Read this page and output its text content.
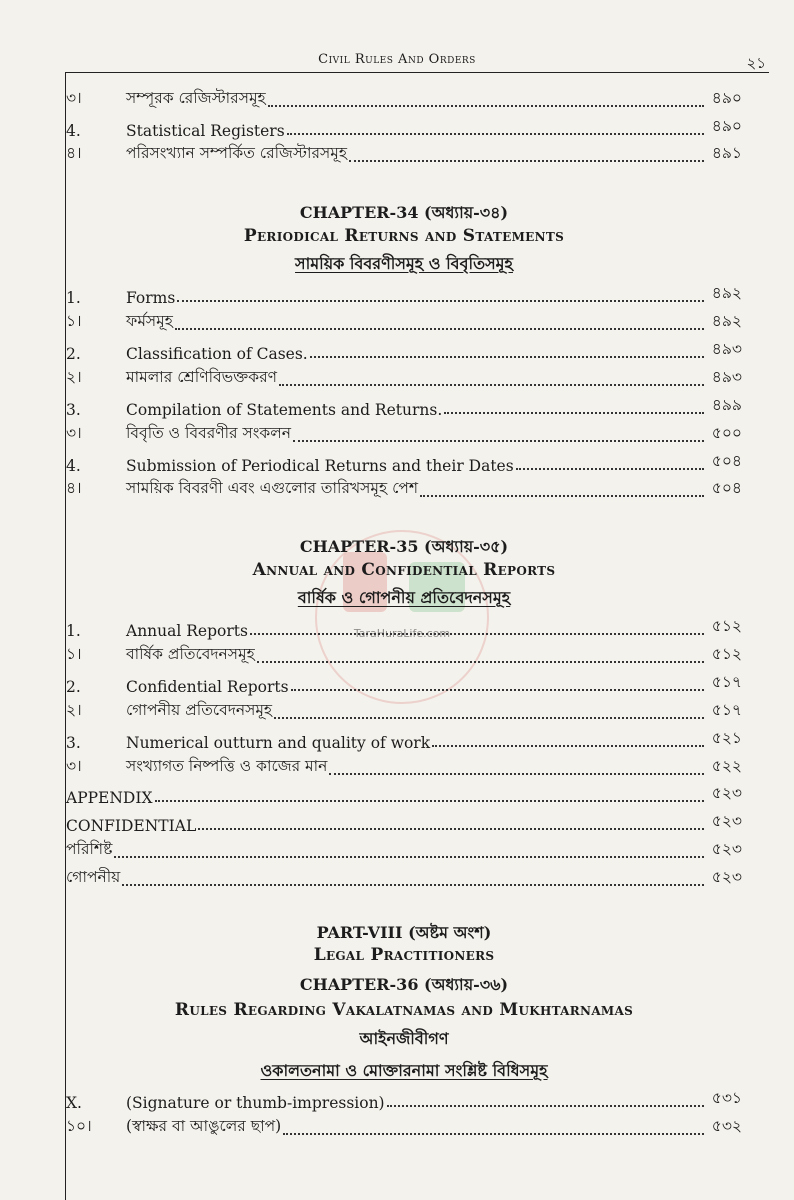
Civil Rules And Orders	২১
৩।	সম্পূরক রেজিস্টারসমূহ	৪৯০
4.	Statistical Registers	৪৯০
৪।	পরিসংখ্যান সম্পর্কিত রেজিস্টারসমূহ	৪৯১
CHAPTER-34 (অধ্যায়-৩৪)
Periodical Returns and Statements
সাময়িক বিবরণীসমূহ ও বিবৃতিসমূহ
1.	Forms	৪৯২
১।	ফর্মসমূহ	৪৯২
2.	Classification of Cases.	৪৯৩
২।	মামলার শ্রেণিবিভক্তকরণ	৪৯৩
3.	Compilation of Statements and Returns.	৪৯৯
৩।	বিবৃতি ও বিবরণীর সংকলন	৫০০
4.	Submission of Periodical Returns and their Dates	৫০৪
৪।	সাময়িক বিবরণী এবং এগুলোর তারিখসমূহ পেশ	৫০৪
TaraHuraLife.com
CHAPTER-35 (অধ্যায়-৩৫)
Annual and Confidential Reports
বার্ষিক ও গোপনীয় প্রতিবেদনসমূহ
1.	Annual Reports	৫১২
১।	বার্ষিক প্রতিবেদনসমূহ	৫১২
2.	Confidential Reports	৫১৭
২।	গোপনীয় প্রতিবেদনসমূহ	৫১৭
3.	Numerical outturn and quality of work	৫২১
৩।	সংখ্যাগত নিষ্পত্তি ও কাজের মান	৫২২
APPENDIX	৫২৩
CONFIDENTIAL	৫২৩
পরিশিষ্ট	৫২৩
গোপনীয়	৫২৩
PART-VIII (অষ্টম অংশ)
Legal Practitioners
CHAPTER-36 (অধ্যায়-৩৬)
Rules Regarding Vakalatnamas and Mukhtarnamas
আইনজীবীগণ
ওকালতনামা ও মোক্তারনামা সংশ্লিষ্ট বিধিসমূহ
X.	(Signature or thumb-impression)	৫৩১
১০।	(স্বাক্ষর বা আঙুলের ছাপ)	৫৩২
